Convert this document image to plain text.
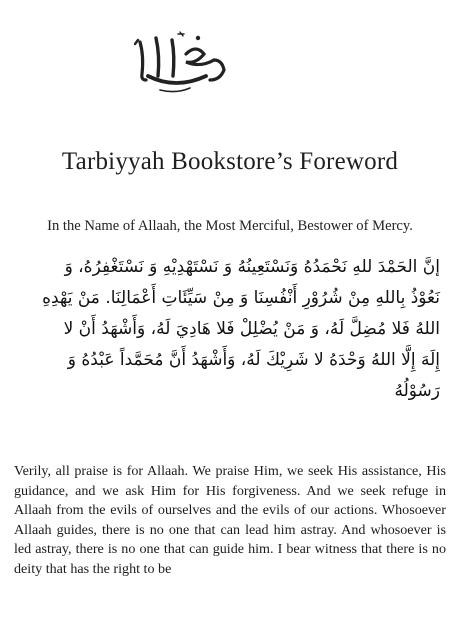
Tarbiyyah Bookstore’s Foreword
In the Name of Allaah, the Most Merciful, Bestower of Mercy.
إنَّ الحَمْدَ للهِ نَحْمَدُهُ وَنَسْتَعِينُهُ وَ نَسْتَهْدِيْهِ وَ نَسْتَغْفِرُهُ، وَ
نَعُوْذُ بِاللهِ مِنْ شُرُوْرِ أَنْفُسِنَا وَ مِنْ سَيِّئَاتِ أَعْمَالِنَا. مَنْ يَهْدِهِ
اللهُ فَلا مُضِلَّ لَهُ، وَ مَنْ يُضْلِلْ فَلا هَادِيَ لَهُ، وَأَشْهَدُ أَنْ لا
إِلَهَ إِلَّا اللهُ وَحْدَهُ لا شَرِيْكَ لَهُ، وَأَشْهَدُ أَنَّ مُحَمَّداً عَبْدُهُ وَ
رَسُوْلُهُ
Verily, all praise is for Allaah. We praise Him, we seek His assistance, His guidance, and we ask Him for His forgiveness. And we seek refuge in Allaah from the evils of ourselves and the evils of our actions. Whosoever Allaah guides, there is no one that can lead him astray. And whosoever is led astray, there is no one that can guide him. I bear witness that there is no deity that has the right to be
